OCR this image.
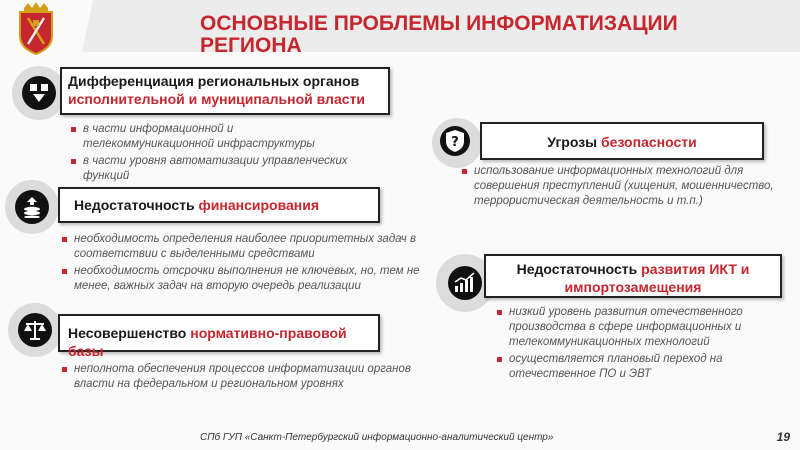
ОСНОВНЫЕ ПРОБЛЕМЫ ИНФОРМАТИЗАЦИИ РЕГИОНА
Дифференциация региональных органов
исполнительной и муниципальной власти
в части информационной и телекоммуникационной инфраструктуры
в части уровня автоматизации управленческих функций
Недостаточность финансирования
необходимость определения наиболее приоритетных задач в соответствии с выделенными средствами
необходимость отсрочки выполнения не ключевых, но, тем не менее, важных задач на вторую очередь реализации
Несовершенство нормативно-правовой базы
неполнота обеспечения процессов информатизации органов власти на федеральном и региональном уровнях
?	Угрозы безопасности
использование информационных технологий для совершения преступлений (хищения, мошенничество, террористическая деятельность и т.п.)
Недостаточность развития ИКТ и импортозамещения
низкий уровень развития отечественного производства в сфере информационных и телекоммуникационных технологий
осуществляется плановый переход на отечественное ПО и ЭВТ
СПб ГУП «Санкт-Петербургский информационно-аналитический центр»	19
